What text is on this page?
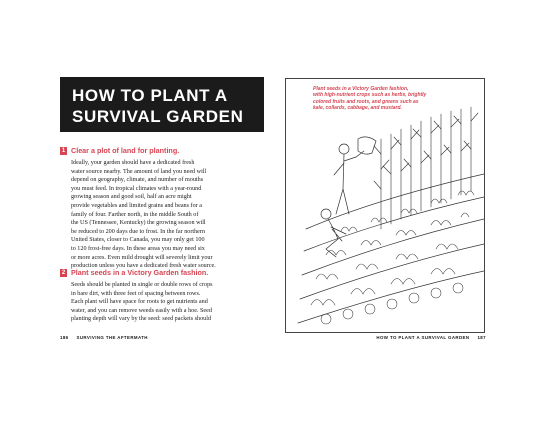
HOW TO PLANT A
SURVIVAL GARDEN
1 Clear a plot of land for planting.
Ideally, your garden should have a dedicated fresh
water source nearby. The amount of land you need will
depend on geography, climate, and number of mouths
you must feed. In tropical climates with a year-round
growing season and good soil, half an acre might
provide vegetables and limited grains and beans for a
family of four. Farther north, in the middle South of
the US (Tennessee, Kentucky) the growing season will
be reduced to 200 days due to frost. In the far northern
United States, closer to Canada, you may only get 100
to 120 frost-free days. In these areas you may need six
or more acres. Even mild drought will severely limit your
production unless you have a dedicated fresh water source.
2 Plant seeds in a Victory Garden fashion.
Seeds should be planted in single or double rows of crops
in bare dirt, with three feet of spacing between rows.
Each plant will have space for roots to get nutrients and
water, and you can remove weeds easily with a hoe. Seed
planting depth will vary by the seed: seed packets should
186 SURVIVING THE AFTERMATH	HOW TO PLANT A SURVIVAL GARDEN 187
Plant seeds in a Victory Garden fashion,
with high-nutrient crops such as herbs, brightly
colored fruits and roots, and greens such as
kale, collards, cabbage, and mustard.
